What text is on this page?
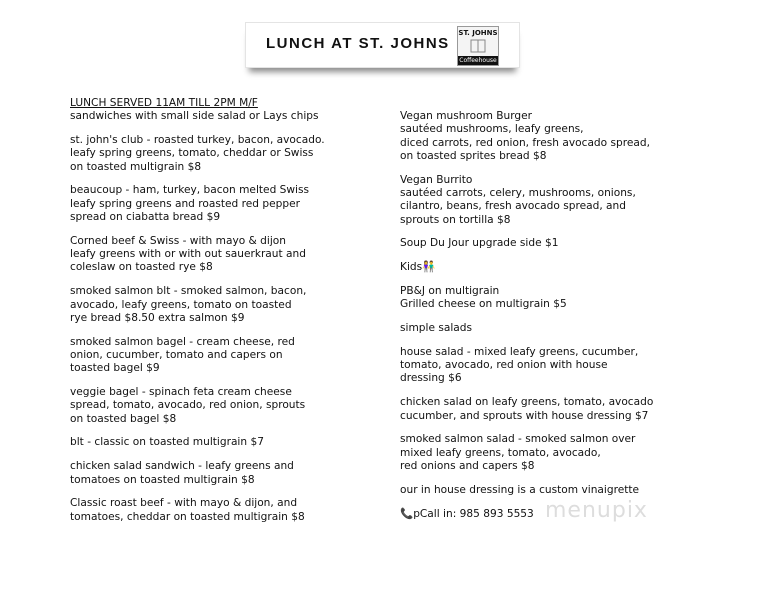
LUNCH AT ST. JOHNS
ST. JOHNS
Coffeehouse
LUNCH SERVED 11AM TILL 2PM M/F
sandwiches with small side salad or Lays chips
st. john's club - roasted turkey, bacon, avocado.
leafy spring greens, tomato, cheddar or Swiss
on toasted multigrain $8
beaucoup - ham, turkey, bacon melted Swiss
leafy spring greens and roasted red pepper
spread on ciabatta bread $9
Corned beef & Swiss - with mayo & dijon
leafy greens with or with out sauerkraut and
coleslaw on toasted rye $8
smoked salmon blt - smoked salmon, bacon,
avocado, leafy greens, tomato on toasted
rye bread $8.50 extra salmon $9
smoked salmon bagel - cream cheese, red
onion, cucumber, tomato and capers on
toasted bagel $9
veggie bagel - spinach feta cream cheese
spread, tomato, avocado, red onion, sprouts
on toasted bagel $8
blt - classic on toasted multigrain $7
chicken salad sandwich - leafy greens and
tomatoes on toasted multigrain $8
Classic roast beef - with mayo & dijon, and
tomatoes, cheddar on toasted multigrain $8
Vegan mushroom Burger
sautéed mushrooms, leafy greens,
diced carrots, red onion, fresh avocado spread,
on toasted sprites bread $8
Vegan Burrito
sautéed carrots, celery, mushrooms, onions,
cilantro, beans, fresh avocado spread, and
sprouts on tortilla $8
Soup Du Jour upgrade side $1
Kids👫
PB&J on multigrain
Grilled cheese on multigrain $5
simple salads
house salad - mixed leafy greens, cucumber,
tomato, avocado, red onion with house
dressing $6
chicken salad on leafy greens, tomato, avocado
cucumber, and sprouts with house dressing $7
smoked salmon salad - smoked salmon over
mixed leafy greens, tomato, avocado,
red onions and capers $8
our in house dressing is a custom vinaigrette
📞pCall in: 985 893 5553 menupix
